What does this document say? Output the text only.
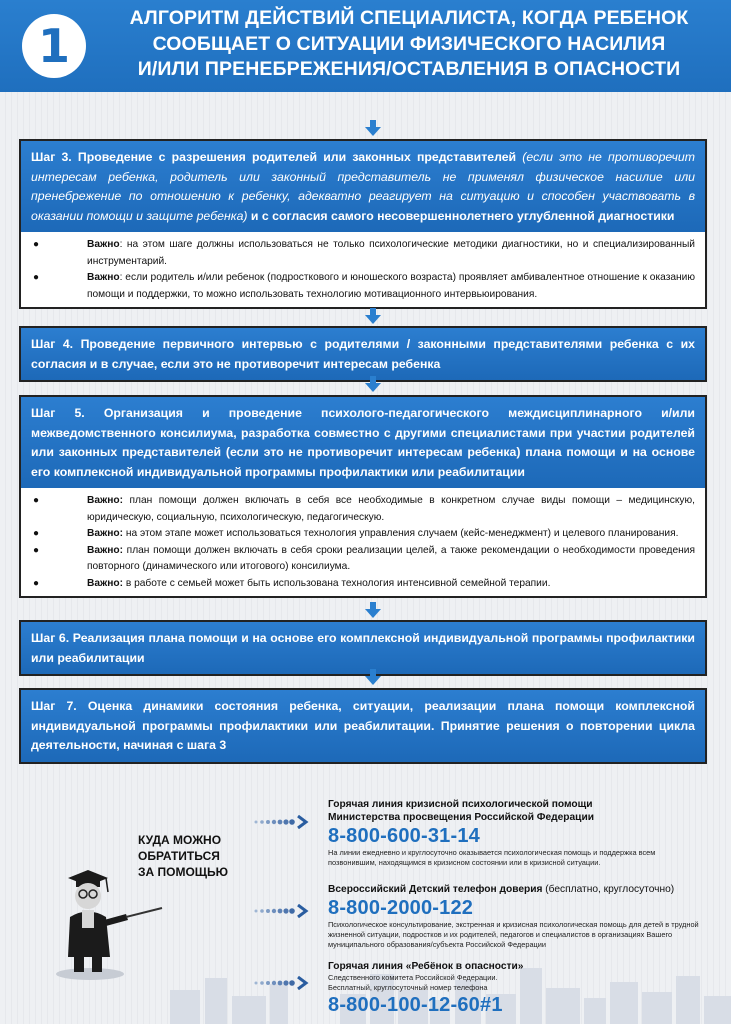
1
АЛГОРИТМ ДЕЙСТВИЙ СПЕЦИАЛИСТА, КОГДА РЕБЕНОК
СООБЩАЕТ О СИТУАЦИИ ФИЗИЧЕСКОГО НАСИЛИЯ
И/ИЛИ ПРЕНЕБРЕЖЕНИЯ/ОСТАВЛЕНИЯ В ОПАСНОСТИ
Шаг 3. Проведение с разрешения родителей или законных представителей (если это не противоречит интересам ребенка, родитель или законный представитель не применял физическое насилие или пренебрежение по отношению к ребенку, адекватно реагирует на ситуацию и способен участвовать в оказании помощи и защите ребенка) и с согласия самого несовершеннолетнего углубленной диагностики
●	Важно: на этом шаге должны использоваться не только психологические методики диагностики, но и специализированный инструментарий.
●	Важно: если родитель и/или ребенок (подросткового и юношеского возраста) проявляет амбивалентное отношение к оказанию помощи и поддержки, то можно использовать технологию мотивационного интервьюирования.
Шаг 4. Проведение первичного интервью с родителями / законными представителями ребенка с их согласия и в случае, если это не противоречит интересам ребенка
Шаг 5. Организация и проведение психолого-педагогического междисциплинарного и/или межведомственного консилиума, разработка совместно с другими специалистами при участии родителей или законных представителей (если это не противоречит интересам ребенка) плана помощи и на основе его комплексной индивидуальной программы профилактики или реабилитации
●	Важно: план помощи должен включать в себя все необходимые в конкретном случае виды помощи – медицинскую, юридическую, социальную, психологическую, педагогическую.
●	Важно: на этом этапе может использоваться технология управления случаем (кейс-менеджмент) и целевого планирования.
●	Важно: план помощи должен включать в себя сроки реализации целей, а также рекомендации о необходимости проведения повторного (динамического или итогового) консилиума.
●	Важно: в работе с семьей может быть использована технология интенсивной семейной терапии.
Шаг 6. Реализация плана помощи и на основе его комплексной индивидуальной программы профилактики или реабилитации
Шаг 7. Оценка динамики состояния ребенка, ситуации, реализации плана помощи комплексной индивидуальной программы профилактики или реабилитации. Принятие решения о повторении цикла деятельности, начиная с шага 3
КУДА МОЖНО
ОБРАТИТЬСЯ
ЗА ПОМОЩЬЮ
Горячая линия кризисной психологической помощи
Министерства просвещения Российской Федерации
8-800-600-31-14
На линии ежедневно и круглосуточно оказывается психологическая помощь и поддержка всем
позвонившим, находящимся в кризисном состоянии или в кризисной ситуации.
Всероссийский Детский телефон доверия (бесплатно, круглосуточно)
8-800-2000-122
Психологическое консультирование, экстренная и кризисная психологическая помощь для детей в трудной
жизненной ситуации, подростков и их родителей, педагогов и специалистов в организациях Вашего
муниципального образования/субъекта Российской Федерации
Горячая линия «Ребёнок в опасности»
Следственного комитета Российской Федерации.
Бесплатный, круглосуточный номер телефона
8-800-100-12-60#1
